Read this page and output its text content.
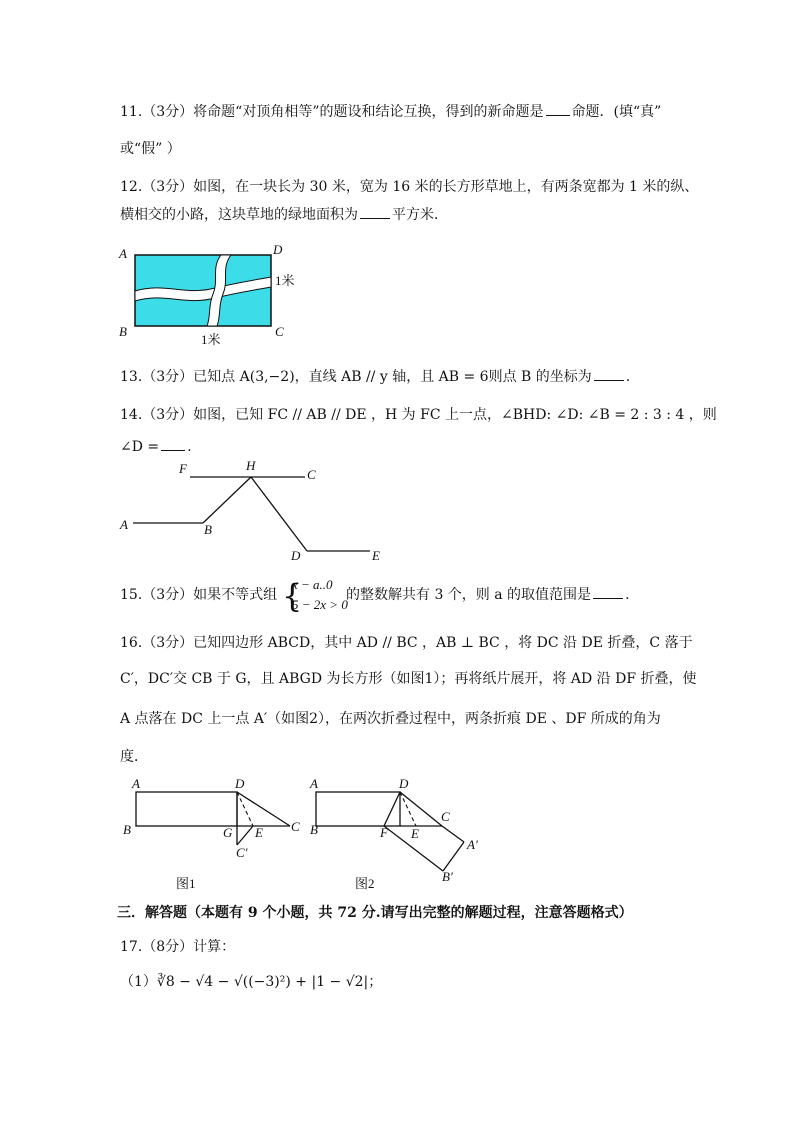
11.（3分）将命题“对顶角相等”的题设和结论互换，得到的新命题是 命题．(填“真”
或“假” ）
12.（3分）如图，在一块长为 30 米，宽为 16 米的长方形草地上，有两条宽都为 1 米的纵、
横相交的小路，这块草地的绿地面积为 平方米．
A	D
B	C
1米
1米
13.（3分）已知点 A(3,−2)，直线 AB // y 轴，且 AB = 6则点 B 的坐标为 .
14.（3分）如图，已知 FC // AB // DE ，H 为 FC 上一点，∠BHD: ∠D: ∠B = 2 : 3 : 4 ，则
∠D = .
F	H
C
A	B
D	E
15.（3分）如果不等式组 {
x − a..0
5 − 2x > 0
的整数解共有 3 个，则 a 的取值范围是 .
16.（3分）已知四边形 ABCD，其中 AD // BC ，AB ⊥ BC ，将 DC 沿 DE 折叠，C 落于
C′，DC′交 CB 于 G，且 ABGD 为长方形（如图1）；再将纸片展开，将 AD 沿 DF 折叠，使
A 点落在 DC 上一点 A′（如图2），在两次折叠过程中，两条折痕 DE 、DF 所成的角为
度．
A	D
B	G E C
C′
图1
A	D
B	F E
C
A′
B′
图2
三．解答题（本题有 9 个小题，共 72 分.请写出完整的解题过程，注意答题格式）
17.（8分）计算：
（1）∛8 − √4 − √((−3)²) + |1 − √2|；
